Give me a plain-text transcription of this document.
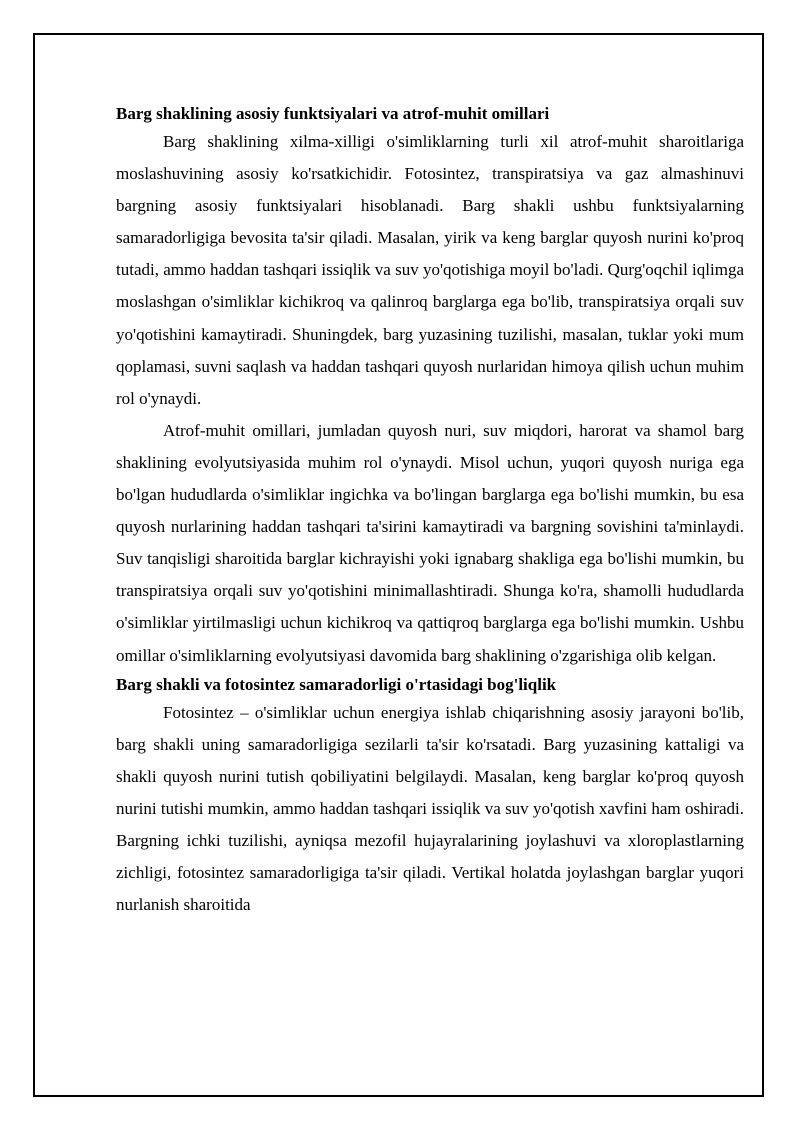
Barg shaklining asosiy funktsiyalari va atrof-muhit omillari

Barg shaklining xilma-xilligi o'simliklarning turli xil atrof-muhit sharoitlariga moslashuvining asosiy ko'rsatkichidir. Fotosintez, transpiratsiya va gaz almashinuvi bargning asosiy funktsiyalari hisoblanadi. Barg shakli ushbu funktsiyalarning samaradorligiga bevosita ta'sir qiladi. Masalan, yirik va keng barglar quyosh nurini ko'proq tutadi, ammo haddan tashqari issiqlik va suv yo'qotishiga moyil bo'ladi. Qurg'oqchil iqlimga moslashgan o'simliklar kichikroq va qalinroq barglarga ega bo'lib, transpiratsiya orqali suv yo'qotishini kamaytiradi. Shuningdek, barg yuzasining tuzilishi, masalan, tuklar yoki mum qoplamasi, suvni saqlash va haddan tashqari quyosh nurlaridan himoya qilish uchun muhim rol o'ynaydi.

Atrof-muhit omillari, jumladan quyosh nuri, suv miqdori, harorat va shamol barg shaklining evolyutsiyasida muhim rol o'ynaydi. Misol uchun, yuqori quyosh nuriga ega bo'lgan hududlarda o'simliklar ingichka va bo'lingan barglarga ega bo'lishi mumkin, bu esa quyosh nurlarining haddan tashqari ta'sirini kamaytiradi va bargning sovishini ta'minlaydi. Suv tanqisligi sharoitida barglar kichrayishi yoki ignabarg shakliga ega bo'lishi mumkin, bu transpiratsiya orqali suv yo'qotishini minimallashtiradi. Shunga ko'ra, shamolli hududlarda o'simliklar yirtilmasligi uchun kichikroq va qattiqroq barglarga ega bo'lishi mumkin. Ushbu omillar o'simliklarning evolyutsiyasi davomida barg shaklining o'zgarishiga olib kelgan.

Barg shakli va fotosintez samaradorligi o'rtasidagi bog'liqlik

Fotosintez – o'simliklar uchun energiya ishlab chiqarishning asosiy jarayoni bo'lib, barg shakli uning samaradorligiga sezilarli ta'sir ko'rsatadi. Barg yuzasining kattaligi va shakli quyosh nurini tutish qobiliyatini belgilaydi. Masalan, keng barglar ko'proq quyosh nurini tutishi mumkin, ammo haddan tashqari issiqlik va suv yo'qotish xavfini ham oshiradi. Bargning ichki tuzilishi, ayniqsa mezofil hujayralarining joylashuvi va xloroplastlarning zichligi, fotosintez samaradorligiga ta'sir qiladi. Vertikal holatda joylashgan barglar yuqori nurlanish sharoitida
